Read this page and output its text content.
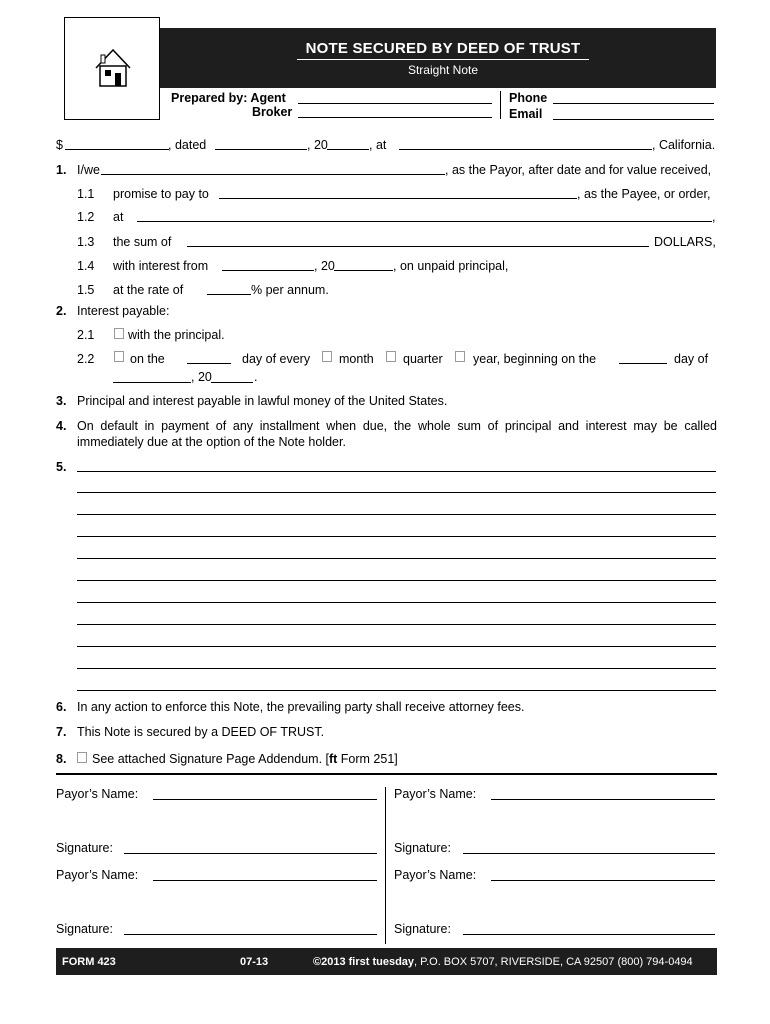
NOTE SECURED BY DEED OF TRUST
Straight Note
Prepared by: Agent
Broker
Phone
Email
$	, dated	, 20	, at	, California.
1. I/we	, as the Payor, after date and for value received,
1.1 promise to pay to	, as the Payee, or order,
1.2 at	,
1.3 the sum of	DOLLARS,
1.4 with interest from	, 20	, on unpaid principal,
1.5 at the rate of	% per annum.
2. Interest payable:
2.1	with the principal.
2.2	on the	day of every month quarter year, beginning on the	day of
, 20	.
3. Principal and interest payable in lawful money of the United States.
4. On default in payment of any installment when due, the whole sum of principal and interest may be called immediately due at the option of the Note holder.
5.
6. In any action to enforce this Note, the prevailing party shall receive attorney fees.
7. This Note is secured by a DEED OF TRUST.
8. See attached Signature Page Addendum. [ft Form 251]
Payor’s Name:	Payor’s Name:
Signature:	Signature:
Payor’s Name:	Payor’s Name:
Signature:	Signature:
FORM 423	07-13	©2013 first tuesday, P.O. BOX 5707, RIVERSIDE, CA 92507 (800) 794-0494
